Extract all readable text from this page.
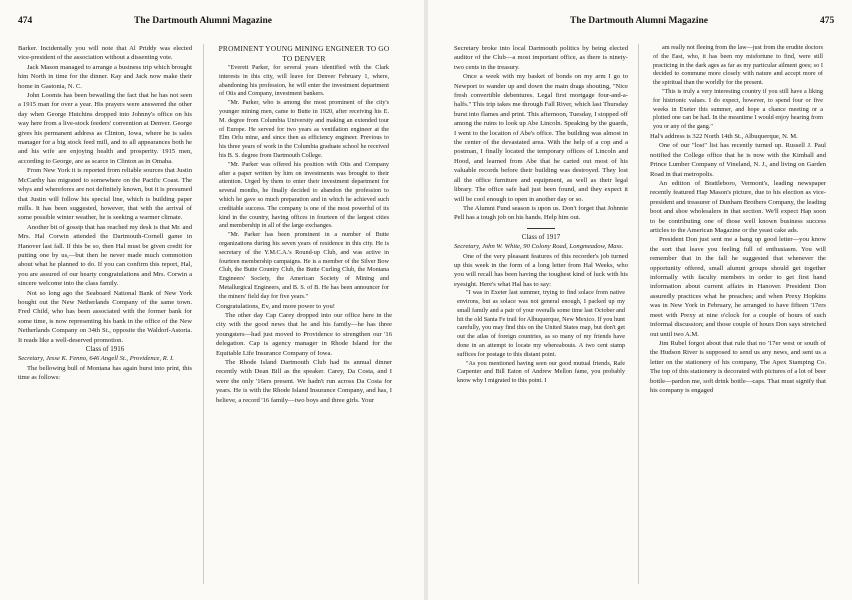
474	The Dartmouth Alumni Magazine

Barker. Incidentally you will note that Al Priddy was elected vice-president of the association without a dissenting vote.

Jack Mason managed to arrange a business trip which brought him North in time for the dinner. Kay and Jack now make their home in Gastonia, N. C.

John Loomis has been bewailing the fact that he has not seen a 1915 man for over a year. His prayers were answered the other day when George Hutchins dropped into Johnny's office on his way here from a live-stock feeders' convention at Denver. George gives his permanent address as Clinton, Iowa, where he is sales manager for a big stock feed mill, and to all appearances both he and his wife are enjoying health and prosperity. 1915 men, according to George, are as scarce in Clinton as in Omaha.

From New York it is reported from reliable sources that Justin McCarthy has migrated to somewhere on the Pacific Coast. The whys and wherefores are not definitely known, but it is presumed that Justin will follow his special line, which is building paper mills. It has been suggested, however, that with the arrival of some possible winter weather, he is seeking a warmer climate.

Another bit of gossip that has reached my desk is that Mr. and Mrs. Hal Corwin attended the Dartmouth-Cornell game in Hanover last fall. If this be so, then Hal must be given credit for putting one by us,—but then he never made much commotion about what he planned to do. If you can confirm this report, Hal, you are assured of our hearty congratulations and Mrs. Corwin a sincere welcome into the class family.

Not so long ago the Seaboard National Bank of New York bought out the New Netherlands Company of the same town. Fred Child, who has been associated with the former bank for some time, is now representing his bank in the office of the New Netherlands Company on 34th St., opposite the Waldorf-Astoria. It reads like a well-deserved promotion.

Class of 1916

Secretary, Jesse K. Fenno, 646 Angell St., Providence, R. I.

The bellowing bull of Montana has again burst into print, this time as follows:

PROMINENT YOUNG MINING ENGINEER TO GO TO DENVER

"Everett Parker, for several years identified with the Clark interests in this city, will leave for Denver February 1, where, abandoning his profession, he will enter the investment department of Otis and Company, investment bankers.

"Mr. Parker, who is among the most prominent of the city's younger mining men, came to Butte in 1920, after receiving his E. M. degree from Columbia University and making an extended tour of Europe. He served for two years as ventilation engineer at the Elm Orlu mine, and since then as efficiency engineer. Previous to his three years of work in the Columbia graduate school he received his B. S. degree from Dartmouth College.

"Mr. Parker was offered his position with Otis and Company after a paper written by him on investments was brought to their attention. Urged by them to enter their investment department for several months, he finally decided to abandon the profession to which he gave so much preparation and in which he achieved such creditable success. The company is one of the most powerful of its kind in the country, having offices in fourteen of the largest cities and membership in all of the large exchanges.

"Mr. Parker has been prominent in a number of Butte organizations during his seven years of residence in this city. He is secretary of the Y.M.C.A.'s Round-up Club, and was active in fourteen membership campaigns. He is a member of the Silver Bow Club, the Butte Country Club, the Butte Curling Club, the Montana Engineers' Society, the American Society of Mining and Metallurgical Engineers, and B. S. of B. He has been announcer for the miners' field day for five years."

Congratulations, Ev, and more power to you!

The other day Cap Carey dropped into our office here in the city with the good news that he and his family—he has three youngsters—had just moved to Providence to strengthen our '16 delegation. Cap is agency manager in Rhode Island for the Equitable Life Insurance Company of Iowa.

The Rhode Island Dartmouth Club had its annual dinner recently with Dean Bill as the speaker. Carey, Da Costa, and I were the only '16ers present. We hadn't run across Da Costa for years. He is with the Rhode Island Insurance Company, and has, I believe, a record '16 family—two boys and three girls. Your

The Dartmouth Alumni Magazine	475

Secretary broke into local Dartmouth politics by being elected auditor of the Club—a most important office, as there is ninety-two cents in the treasury.

Once a week with my basket of bonds on my arm I go to Newport to wander up and down the main drags shouting, "Nice fresh convertible debentures. Legal first mortgage four-and-a-halfs." This trip takes me through Fall River, which last Thursday burst into flames and print. This afternoon, Tuesday, I stopped off among the ruins to look up Abe Lincoln. Speaking by the guards, I went to the location of Abe's office. The building was almost in the center of the devastated area. With the help of a cop and a postman, I finally located the temporary offices of Lincoln and Hood, and learned from Abe that he carted out most of his valuable records before their building was destroyed. They lost all the office furniture and equipment, as well as their legal library. The office safe had just been found, and they expect it will be cool enough to open in another day or so.

The Alumni Fund season is upon us. Don't forget that Johnnie Pell has a tough job on his hands. Help him out.

Class of 1917

Secretary, John W. White, 90 Colony Road, Longmeadow, Mass.

One of the very pleasant features of this recorder's job turned up this week in the form of a long letter from Hal Weeks, who you will recall has been having the toughest kind of luck with his eyesight. Here's what Hal has to say:

"I was in Exeter last summer, trying to find solace from native environs, but as solace was not general enough, I packed up my small family and a pair of your overalls some time last October and hit the old Santa Fe trail for Albuquerque, New Mexico. If you hunt carefully, you may find this on the United States map, but don't get out the atlas of foreign countries, as so many of my friends have done in an attempt to locate my whereabouts. A two cent stamp suffices for postage to this distant point.

"As you mentioned having seen our good mutual friends, Rafe Carpenter and Bill Eaton of Andrew Mellon fame, you probably know why I migrated to this point. I

am really not fleeing from the law—just from the erudite doctors of the East, who, it has been my misfortune to find, were still practicing in the dark ages as far as my particular ailment goes; so I decided to commune more closely with nature and accept more of the spiritual than the worldly for the present.

"This is truly a very interesting country if you still have a liking for histrionic values. I do expect, however, to spend four or five weeks in Exeter this summer, and hope a chance meeting or a plotted one can be had. In the meantime I would enjoy hearing from you or any of the gang."

Hal's address is 322 North 14th St., Albuquerque, N. M.

One of our "lost" list has recently turned up. Russell J. Paul notified the College office that he is now with the Kimball and Prince Lumber Company of Vineland, N. J., and living on Garden Road in that metropolis.

An edition of Brattleboro, Vermont's, leading newspaper recently featured Hap Mason's picture, due to his election as vice-president and treasurer of Dunham Brothers Company, the leading boot and shoe wholesalers in that section. We'll expect Hap soon to be contributing one of those well known business success articles to the American Magazine or the yeast cake ads.

President Don just sent me a bang up good letter—you know the sort that leave you feeling full of enthusiasm. You will remember that in the fall he suggested that whenever the opportunity offered, small alumni groups should get together informally with faculty members in order to get first hand information about current affairs in Hanover. President Don assuredly practices what he preaches; and when Prexy Hopkins was in New York in February, he arranged to have fifteen '17ers meet with Prexy at nine o'clock for a couple of hours of such informal discussion; and those couple of hours Don says stretched out until two A.M.

Jim Rubel forgot about that rule that no '17er west or south of the Hudson River is supposed to send us any news, and sent us a letter on the stationery of his company, The Apex Stamping Co. The top of this stationery is decorated with pictures of a lot of beer bottle—pardon me, soft drink bottle—caps. That must signify that his company is engaged
